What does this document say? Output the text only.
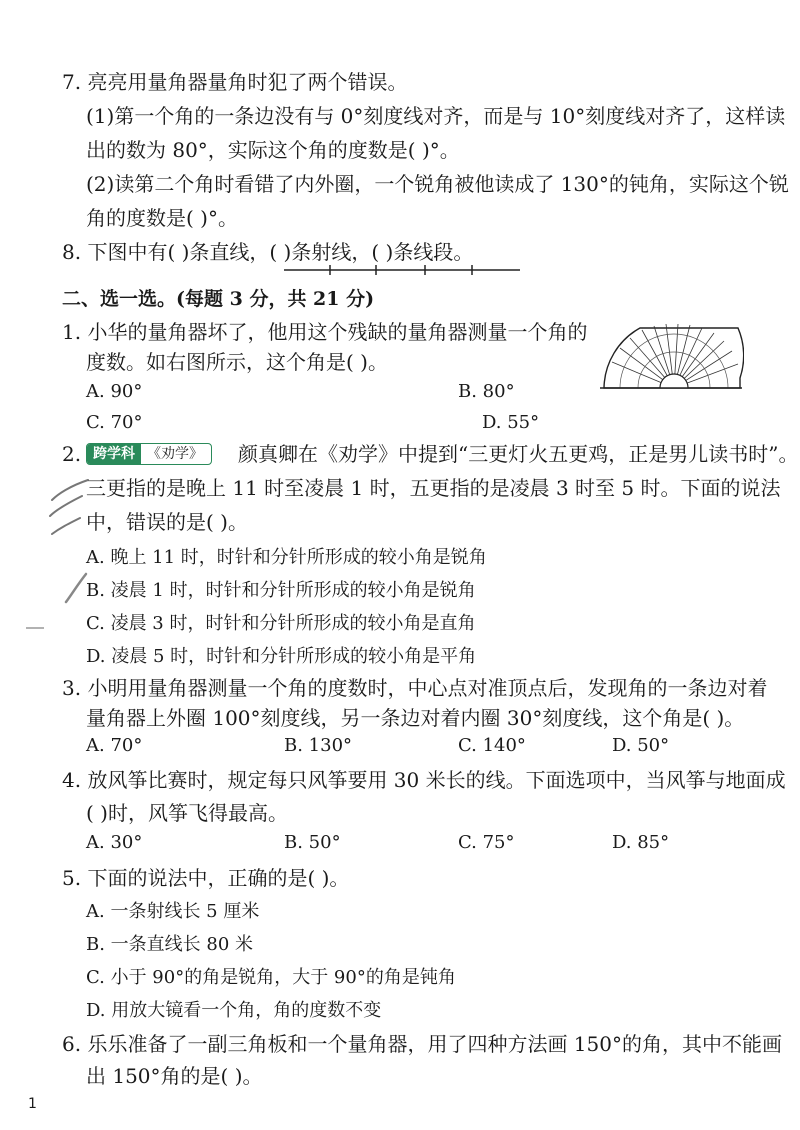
7. 亮亮用量角器量角时犯了两个错误。
(1)第一个角的一条边没有与 0°刻度线对齐，而是与 10°刻度线对齐了，这样读
出的数为 80°，实际这个角的度数是( )°。
(2)读第二个角时看错了内外圈，一个锐角被他读成了 130°的钝角，实际这个锐
角的度数是( )°。
8. 下图中有( )条直线，( )条射线，( )条线段。
二、选一选。(每题 3 分，共 21 分)
1. 小华的量角器坏了，他用这个残缺的量角器测量一个角的
度数。如右图所示，这个角是( )。
A. 90°	B. 80°
C. 70°	D. 55°
2. 跨学科 《劝学》	颜真卿在《劝学》中提到“三更灯火五更鸡，正是男儿读书时”。
三更指的是晚上 11 时至凌晨 1 时，五更指的是凌晨 3 时至 5 时。下面的说法
中，错误的是( )。
A. 晚上 11 时，时针和分针所形成的较小角是锐角
B. 凌晨 1 时，时针和分针所形成的较小角是锐角
C. 凌晨 3 时，时针和分针所形成的较小角是直角
D. 凌晨 5 时，时针和分针所形成的较小角是平角
3. 小明用量角器测量一个角的度数时，中心点对准顶点后，发现角的一条边对着
量角器上外圈 100°刻度线，另一条边对着内圈 30°刻度线，这个角是( )。
A. 70°	B. 130°	C. 140°	D. 50°
4. 放风筝比赛时，规定每只风筝要用 30 米长的线。下面选项中，当风筝与地面成
( )时，风筝飞得最高。
A. 30°	B. 50°	C. 75°	D. 85°
5. 下面的说法中，正确的是( )。
A. 一条射线长 5 厘米
B. 一条直线长 80 米
C. 小于 90°的角是锐角，大于 90°的角是钝角
D. 用放大镜看一个角，角的度数不变
6. 乐乐准备了一副三角板和一个量角器，用了四种方法画 150°的角，其中不能画
出 150°角的是( )。
1
